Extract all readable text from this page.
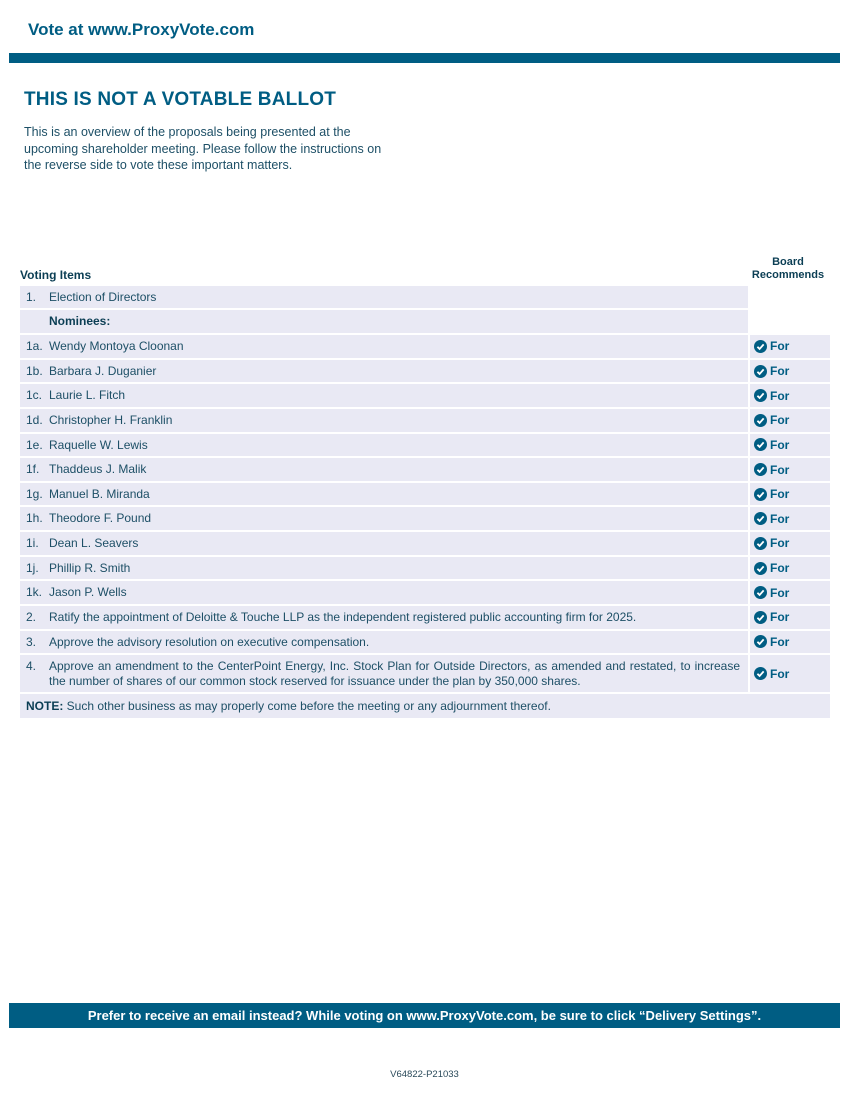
Vote at www.ProxyVote.com
THIS IS NOT A VOTABLE BALLOT
This is an overview of the proposals being presented at the
upcoming shareholder meeting. Please follow the instructions on
the reverse side to vote these important matters.
Voting Items
Board
Recommends
1.	Election of Directors
Nominees:
1a. Wendy Montoya Cloonan	For
1b. Barbara J. Duganier	For
1c. Laurie L. Fitch	For
1d. Christopher H. Franklin	For
1e. Raquelle W. Lewis	For
1f. Thaddeus J. Malik	For
1g. Manuel B. Miranda	For
1h. Theodore F. Pound	For
1i. Dean L. Seavers	For
1j. Phillip R. Smith	For
1k. Jason P. Wells	For
2.	Ratify the appointment of Deloitte & Touche LLP as the independent registered public accounting firm for 2025.	For
3.	Approve the advisory resolution on executive compensation.	For
4.	Approve an amendment to the CenterPoint Energy, Inc. Stock Plan for Outside Directors, as amended and restated, to increase the number of shares of our common stock reserved for issuance under the plan by 350,000 shares.	For
NOTE: Such other business as may properly come before the meeting or any adjournment thereof.
Prefer to receive an email instead? While voting on www.ProxyVote.com, be sure to click “Delivery Settings”.
V64822-P21033
